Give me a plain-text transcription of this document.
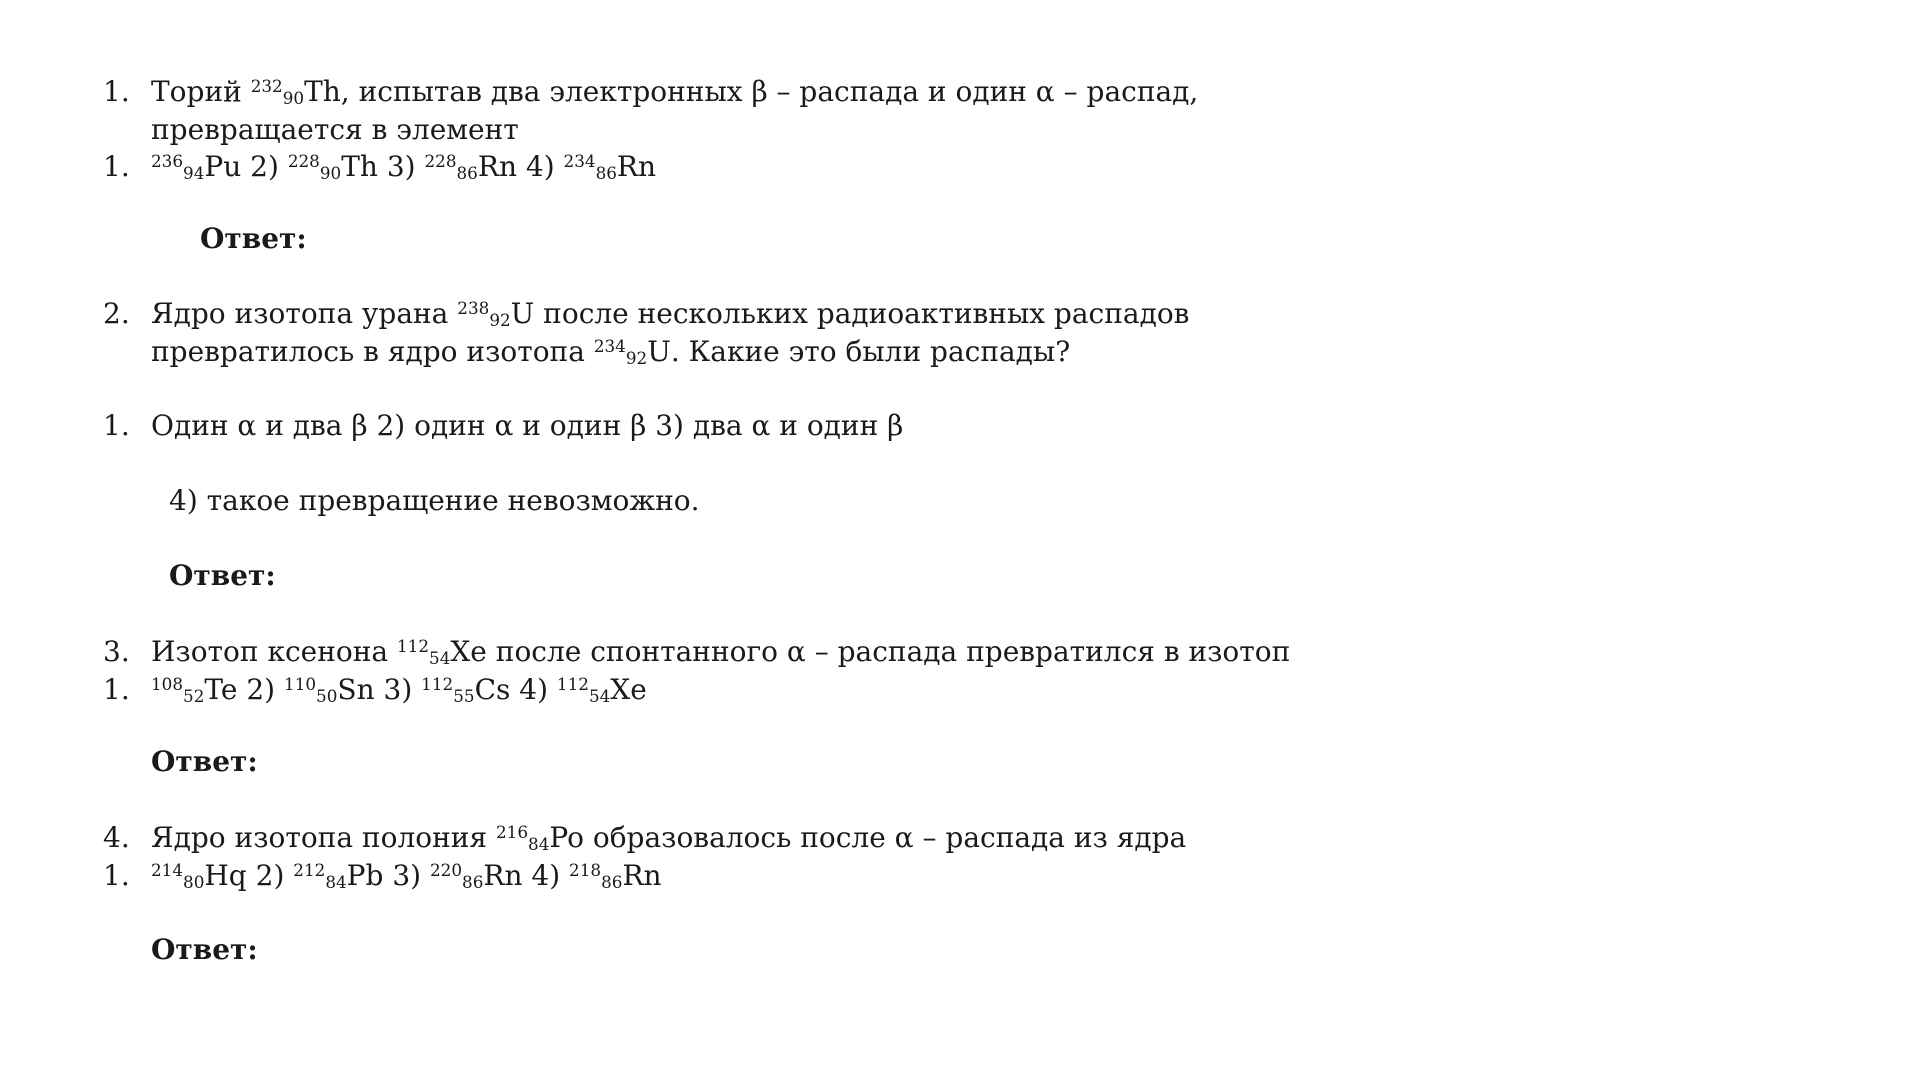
1. Торий $^{232}$90Th, испытав два электронных β – распада и один α – распад,
превращается в элемент
1. $^{236}$94Pu 2) $^{228}$90Th 3) $^{228}$86Rn 4) $^{234}$86Rn
Ответ:
2. Ядро изотопа урана $^{238}$92U после нескольких радиоактивных распадов
превратилось в ядро изотопа $^{234}$92U. Какие это были распады?
1. Один α и два β 2) один α и один β 3) два α и один β
4) такое превращение невозможно.
Ответ:
3. Изотоп ксенона $^{112}$54Xe после спонтанного α – распада превратился в изотоп
1. $^{108}$52Te 2) $^{110}$50Sn 3) $^{112}$55Cs 4) $^{112}$54Xe
Ответ:
4. Ядро изотопа полония $^{216}$84Po образовалось после α – распада из ядра
1. $^{214}$80Hq 2) $^{212}$84Pb 3) $^{220}$86Rn 4) $^{218}$86Rn
Ответ:
